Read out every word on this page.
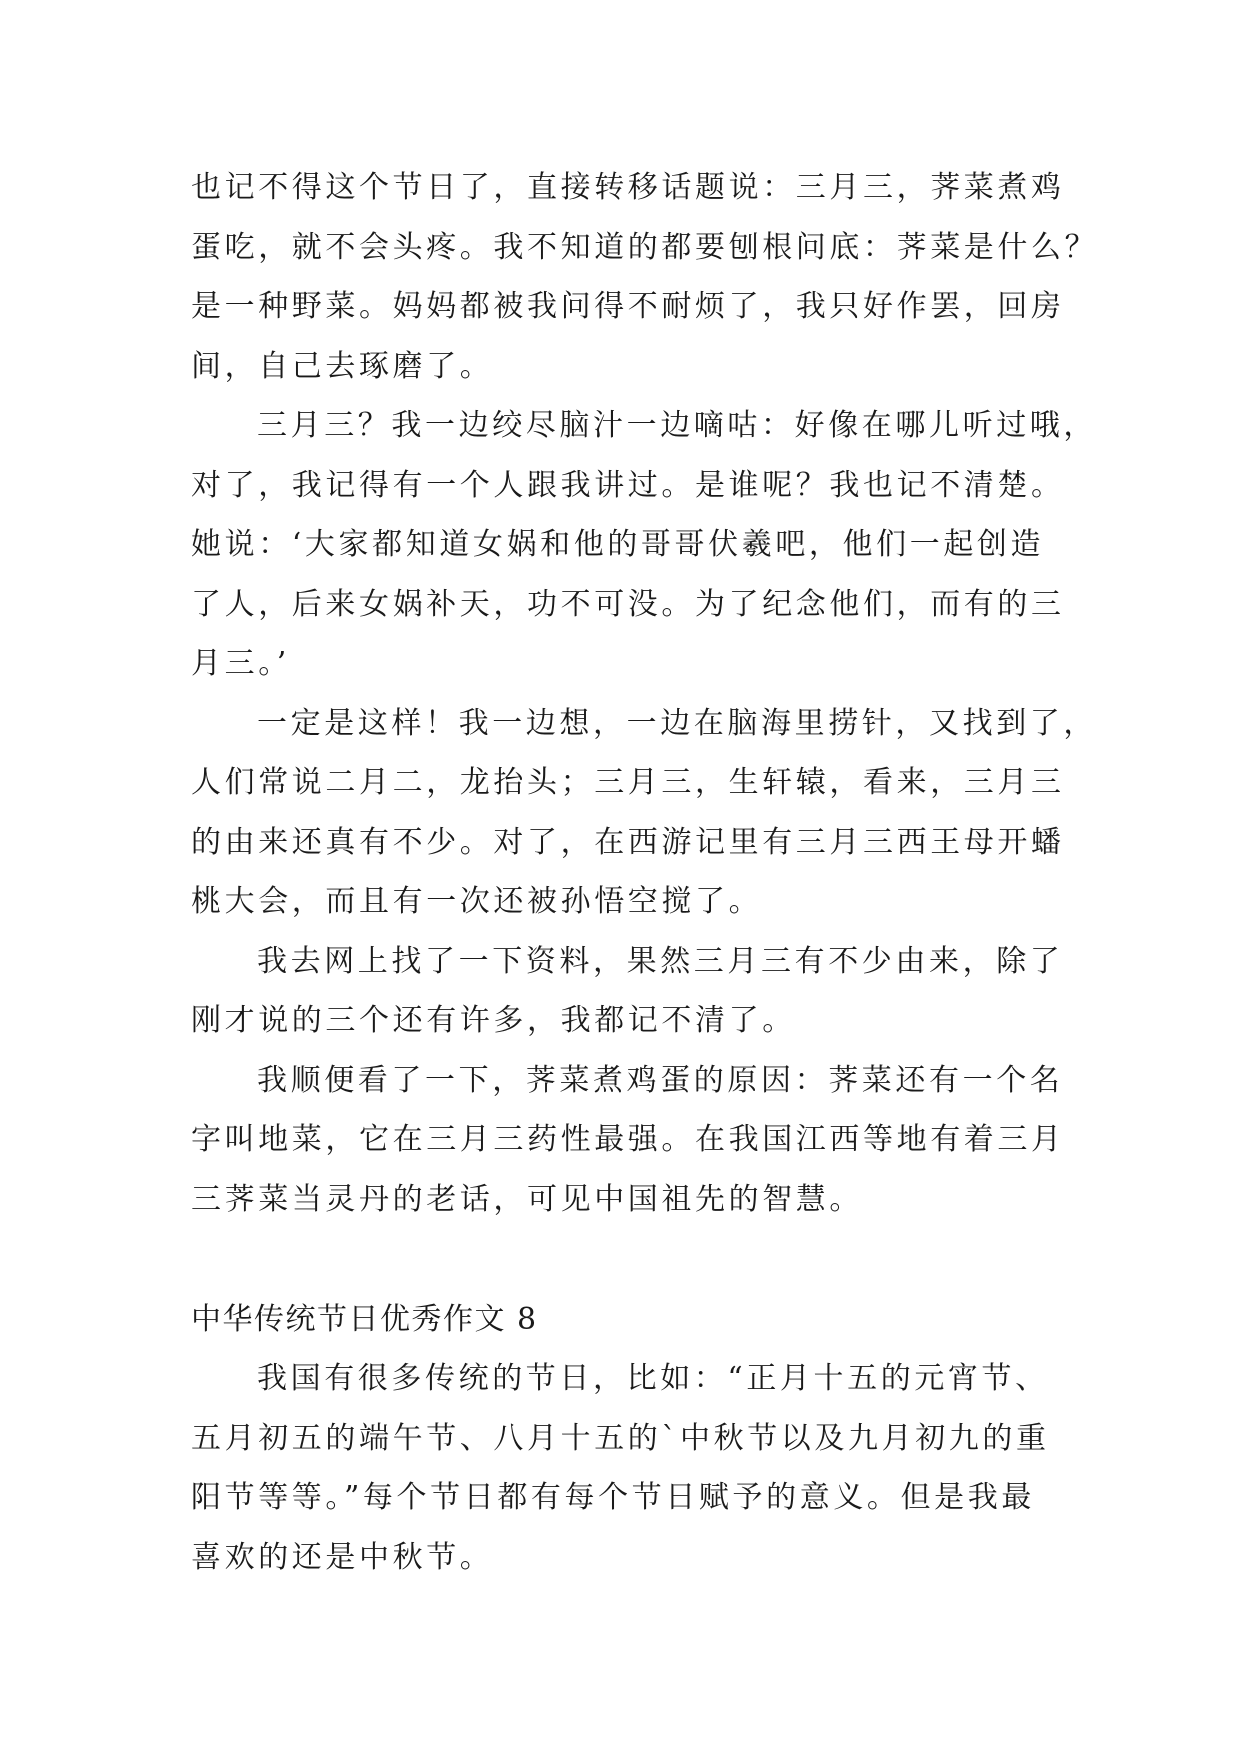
也记不得这个节日了，直接转移话题说：三月三，荠菜煮鸡
蛋吃，就不会头疼。我不知道的都要刨根问底：荠菜是什么？
是一种野菜。妈妈都被我问得不耐烦了，我只好作罢，回房
间，自己去琢磨了。
三月三？我一边绞尽脑汁一边嘀咕：好像在哪儿听过哦，
对了，我记得有一个人跟我讲过。是谁呢？我也记不清楚。
她说：‘大家都知道女娲和他的哥哥伏羲吧，他们一起创造
了人，后来女娲补天，功不可没。为了纪念他们，而有的三
月三。’
一定是这样！我一边想，一边在脑海里捞针，又找到了，
人们常说二月二，龙抬头；三月三，生轩辕，看来，三月三
的由来还真有不少。对了，在西游记里有三月三西王母开蟠
桃大会，而且有一次还被孙悟空搅了。
我去网上找了一下资料，果然三月三有不少由来，除了
刚才说的三个还有许多，我都记不清了。
我顺便看了一下，荠菜煮鸡蛋的原因：荠菜还有一个名
字叫地菜，它在三月三药性最强。在我国江西等地有着三月
三荠菜当灵丹的老话，可见中国祖先的智慧。
中华传统节日优秀作文 8
我国有很多传统的节日，比如：“正月十五的元宵节、
五月初五的端午节、八月十五的`中秋节以及九月初九的重
阳节等等。”每个节日都有每个节日赋予的意义。但是我最
喜欢的还是中秋节。
